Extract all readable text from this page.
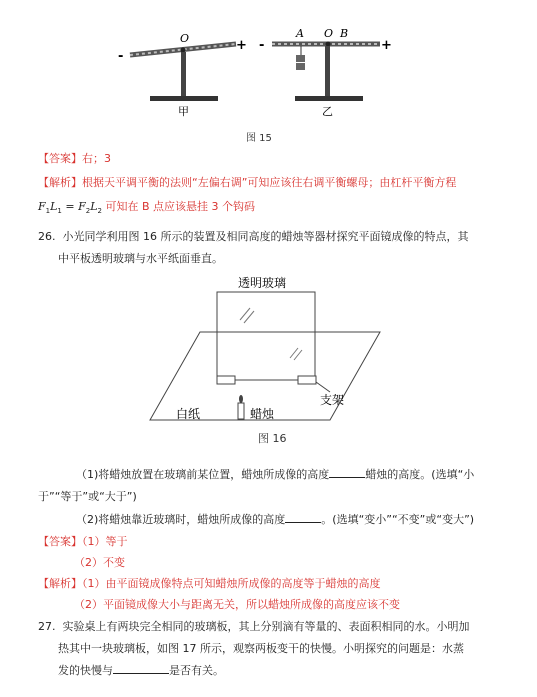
-
+ -	+
O	A O B
甲	乙
图 15
【答案】右；3
【解析】根据天平调平衡的法则“左偏右调”可知应该往右调平衡螺母；由杠杆平衡方程
$F_1L_1 = F_2L_2$ 可知在 B 点应该悬挂 3 个钩码
26. 小光同学利用图 16 所示的装置及相同高度的蜡烛等器材探究平面镜成像的特点，其
中平板透明玻璃与水平纸面垂直。
透明玻璃
支架
白纸	蜡烛
图 16
（1)将蜡烛放置在玻璃前某位置，蜡烛所成像的高度	蜡烛的高度。(选填“小
于”“等于”或“大于”)
（2)将蜡烛靠近玻璃时，蜡烛所成像的高度	。(选填“变小”“不变”或“变大”)
【答案】（1）等于
（2）不变
【解析】（1）由平面镜成像特点可知蜡烛所成像的高度等于蜡烛的高度
（2）平面镜成像大小与距离无关，所以蜡烛所成像的高度应该不变
27. 实验桌上有两块完全相同的玻璃板，其上分别滴有等量的、表面积相同的水。小明加
热其中一块玻璃板，如图 17 所示，观察两板变干的快慢。小明探究的问题是：水蒸
发的快慢与	是否有关。
